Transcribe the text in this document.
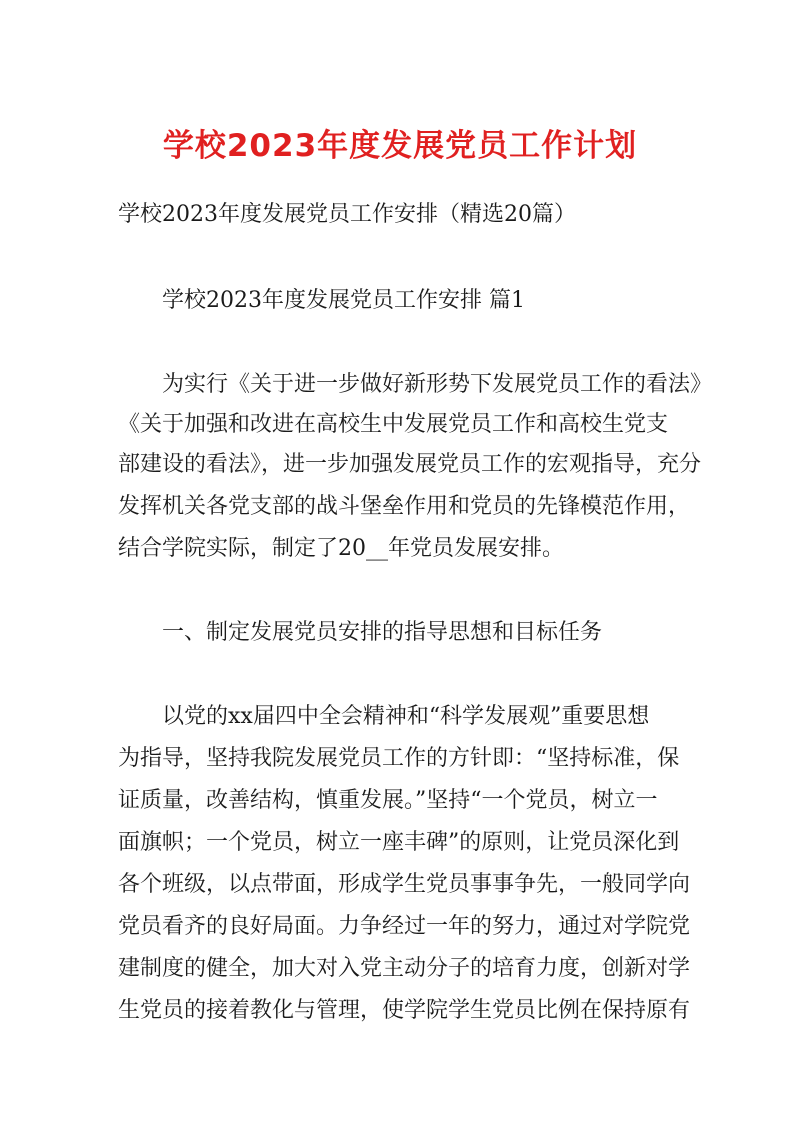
学校2023年度发展党员工作计划

学校2023年度发展党员工作安排（精选20篇）

学校2023年度发展党员工作安排 篇1

为实行《关于进一步做好新形势下发展党员工作的看法》

《关于加强和改进在高校生中发展党员工作和高校生党支

部建设的看法》，进一步加强发展党员工作的宏观指导，充分

发挥机关各党支部的战斗堡垒作用和党员的先锋模范作用，

结合学院实际，制定了20__年党员发展安排。

一、制定发展党员安排的指导思想和目标任务

以党的xx届四中全会精神和“科学发展观”重要思想

为指导，坚持我院发展党员工作的方针即：“坚持标准，保

证质量，改善结构，慎重发展。”坚持“一个党员，树立一

面旗帜；一个党员，树立一座丰碑”的原则，让党员深化到

各个班级，以点带面，形成学生党员事事争先，一般同学向

党员看齐的良好局面。力争经过一年的努力，通过对学院党

建制度的健全，加大对入党主动分子的培育力度，创新对学

生党员的接着教化与管理，使学院学生党员比例在保持原有
